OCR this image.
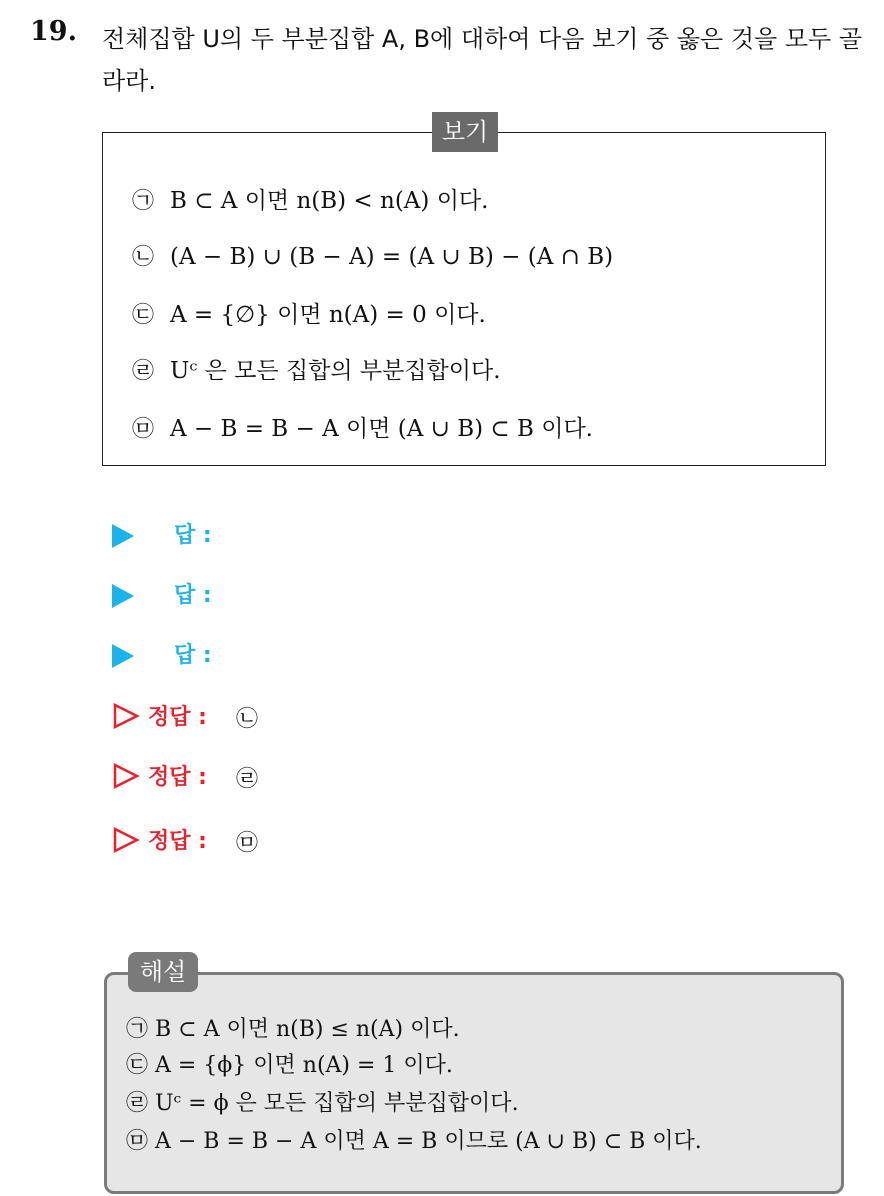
19. 전체집합 U의 두 부분집합 A, B에 대하여 다음 보기 중 옳은 것을 모두 골라라.
보기
㉠ B ⊂ A 이면 n(B) < n(A) 이다.
㉡ (A − B) ∪ (B − A) = (A ∪ B) − (A ∩ B)
㉢ A = {∅} 이면 n(A) = 0 이다.
㉣ Uᶜ 은 모든 집합의 부분집합이다.
㉤ A − B = B − A 이면 (A ∪ B) ⊂ B 이다.
답 :
답 :
답 :
정답 : ㉡
정답 : ㉣
정답 : ㉤
해설
㉠ B ⊂ A 이면 n(B) ≤ n(A) 이다.
㉢ A = {ϕ} 이면 n(A) = 1 이다.
㉣ Uᶜ = ϕ 은 모든 집합의 부분집합이다.
㉤ A − B = B − A 이면 A = B 이므로 (A ∪ B) ⊂ B 이다.
